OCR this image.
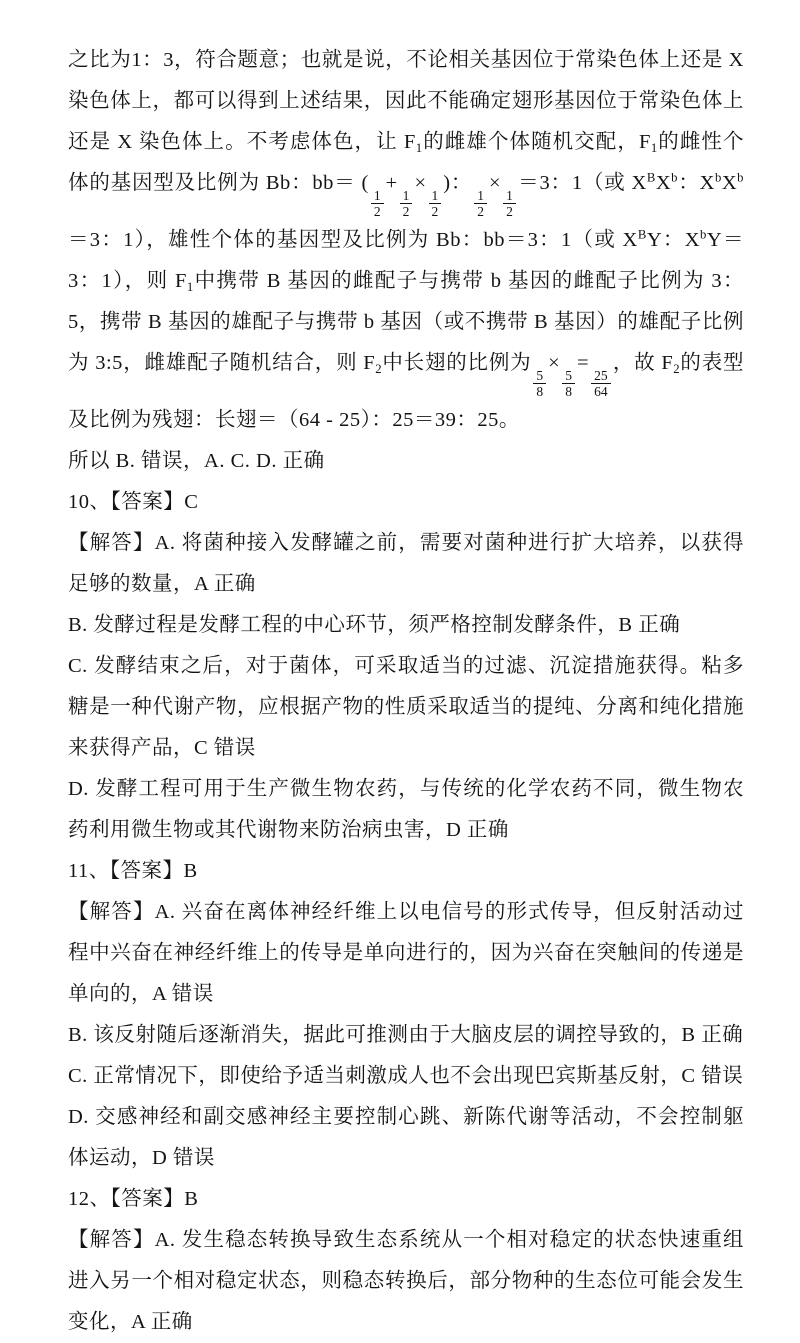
之比为1：3，符合题意；也就是说，不论相关基因位于常染色体上还是 X 染色体上，都可以得到上述结果，因此不能确定翅形基因位于常染色体上还是 X 染色体上。不考虑体色，让 $F_1$的雌雄个体随机交配，$F_1$的雌性个体的基因型及比例为 Bb：bb＝ (
$\frac{1}{2}$
+
$\frac{1}{2}$
×
$\frac{1}{2}$
)：
$\frac{1}{2}$
×
$\frac{1}{2}$
＝3：1（或 $X^BX^b$：$X^bX^b=3$：1），雄性个体的基因型及比例为 Bb：bb＝3：1（或 $X^BY$：$X^bY=3$：1），则 $F_1$中携带 B 基因的雌配子与携带 b 基因的雌配子比例为 3：5，携带 B 基因的雄配子与携带 b 基因（或不携带 B 基因）的雄配子比例为 3:5，雌雄配子随机结合，则 $F_2$中长翅的比例为
$\frac{5}{8}$
×
$\frac{5}{8}$
=
$\frac{25}{64}$
，故 $F_2$的表型及比例为残翅：长翅＝（64 - 25）：25＝39：25。

所以 B. 错误，A. C. D. 正确

10、【答案】C

【解答】A. 将菌种接入发酵罐之前，需要对菌种进行扩大培养，以获得足够的数量，A 正确

B. 发酵过程是发酵工程的中心环节，须严格控制发酵条件，B 正确

C. 发酵结束之后，对于菌体，可采取适当的过滤、沉淀措施获得。粘多糖是一种代谢产物，应根据产物的性质采取适当的提纯、分离和纯化措施来获得产品，C 错误

D. 发酵工程可用于生产微生物农药，与传统的化学农药不同，微生物农药利用微生物或其代谢物来防治病虫害，D 正确

11、【答案】B

【解答】A. 兴奋在离体神经纤维上以电信号的形式传导，但反射活动过程中兴奋在神经纤维上的传导是单向进行的，因为兴奋在突触间的传递是单向的，A 错误

B. 该反射随后逐渐消失，据此可推测由于大脑皮层的调控导致的，B 正确

C. 正常情况下，即使给予适当刺激成人也不会出现巴宾斯基反射，C 错误

D. 交感神经和副交感神经主要控制心跳、新陈代谢等活动，不会控制躯体运动，D 错误

12、【答案】B

【解答】A. 发生稳态转换导致生态系统从一个相对稳定的状态快速重组进入另一个相对稳定状态，则稳态转换后，部分物种的生态位可能会发生变化，A 正确
